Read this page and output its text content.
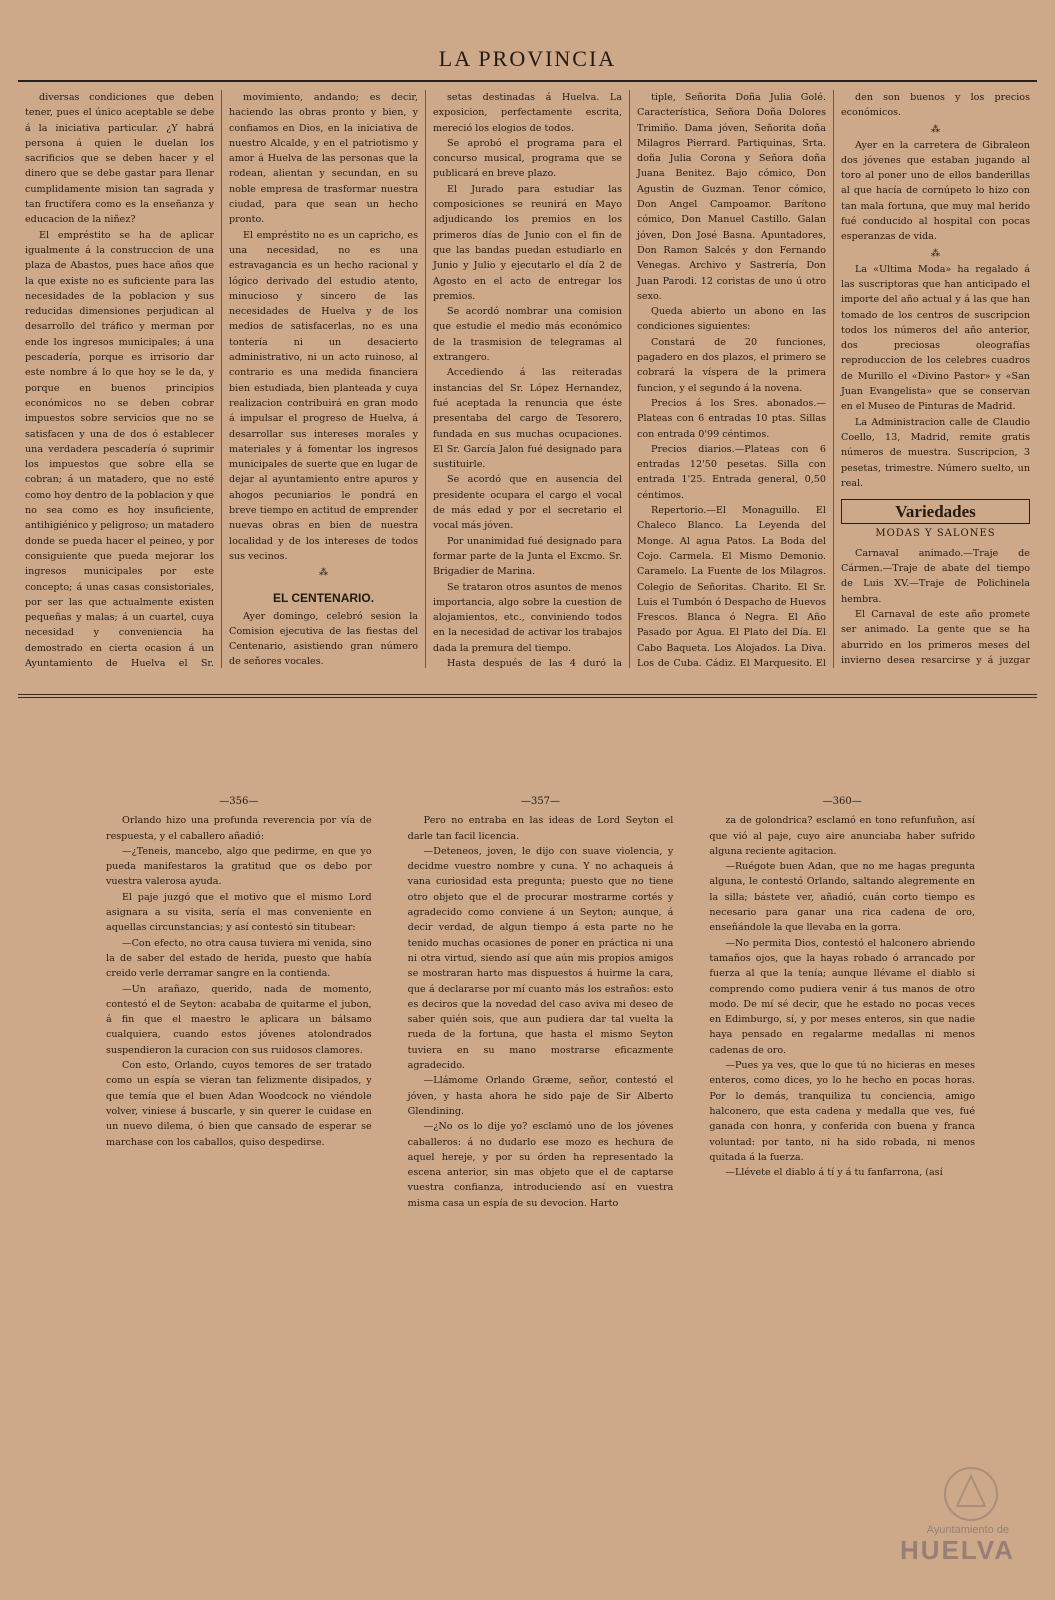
LA PROVINCIA

diversas condiciones que deben tener, pues el único aceptable se debe á la iniciativa particular. ¿Y habrá persona á quien le duelan los sacrificios que se deben hacer y el dinero que se debe gastar para llenar cumplidamente mision tan sagrada y tan fructífera como es la enseñanza y educacion de la niñez?

El empréstito se ha de aplicar igualmente á la construccion de una plaza de Abastos, pues hace años que la que existe no es suficiente para las necesidades de la poblacion y sus reducidas dimensiones perjudican al desarrollo del tráfico y merman por ende los ingresos municipales; á una pescadería, porque es irrisorio dar este nombre á lo que hoy se le da, y porque en buenos principios económicos no se deben cobrar impuestos sobre servicios que no se satisfacen y una de dos ó establecer una verdadera pescadería ó suprimir los impuestos que sobre ella se cobran; á un matadero, que no esté como hoy dentro de la poblacion y que no sea como es hoy insuficiente, antihigiénico y peligroso; un matadero donde se pueda hacer el peineo, y por consiguiente que pueda mejorar los ingresos municipales por este concepto; á unas casas consistoriales, por ser las que actualmente existen pequeñas y malas; á un cuartel, cuya necesidad y conveniencia ha demostrado en cierta ocasion á un Ayuntamiento de Huelva el Sr.

movimiento, andando; es decir, haciendo las obras pronto y bien, y confiamos en Dios, en la iniciativa de nuestro Alcalde, y en el patriotismo y amor á Huelva de las personas que la rodean, alientan y secundan, en su noble empresa de trasformar nuestra ciudad, para que sean un hecho pronto.

El empréstito no es un capricho, es una necesidad, no es una estravagancia es un hecho racional y lógico derivado del estudio atento, minucioso y sincero de las necesidades de Huelva y de los medios de satisfacerlas, no es una tontería ni un desacierto administrativo, ni un acto ruinoso, al contrario es una medida financiera bien estudiada, bien planteada y cuya realizacion contribuirá en gran modo á impulsar el progreso de Huelva, á desarrollar sus intereses morales y materiales y á fomentar los ingresos municipales de suerte que en lugar de dejar al ayuntamiento entre apuros y ahogos pecuniarios le pondrá en breve tiempo en actitud de emprender nuevas obras en bien de nuestra localidad y de los intereses de todos sus vecinos.

⁂
EL CENTENARIO.

Ayer domingo, celebró sesion la Comision ejecutiva de las fiestas del Centenario, asistiendo gran número de señores vocales.

setas destinadas á Huelva. La exposicion, perfectamente escrita, mereció los elogios de todos.

Se aprobó el programa para el concurso musical, programa que se publicará en breve plazo.

El Jurado para estudiar las composiciones se reunirá en Mayo adjudicando los premios en los primeros días de Junio con el fin de que las bandas puedan estudiarlo en Junio y Julio y ejecutarlo el día 2 de Agosto en el acto de entregar los premios.

Se acordó nombrar una comision que estudie el medio más económico de la trasmision de telegramas al extrangero.

Accediendo á las reiteradas instancias del Sr. López Hernandez, fué aceptada la renuncia que éste presentaba del cargo de Tesorero, fundada en sus muchas ocupaciones. El Sr. García Jalon fué designado para sustituirle.

Se acordó que en ausencia del presidente ocupara el cargo el vocal de más edad y por el secretario el vocal más jóven.

Por unanimidad fué designado para formar parte de la Junta el Excmo. Sr. Brigadier de Marina.

Se trataron otros asuntos de menos importancia, algo sobre la cuestion de alojamientos, etc., conviniendo todos en la necesidad de activar los trabajos dada la premura del tiempo.

Hasta después de las 4 duró la

tiple, Señorita Doña Julia Golé. Característica, Señora Doña Dolores Trimiño. Dama jóven, Señorita doña Milagros Pierrard. Partiquinas, Srta. doña Julia Corona y Señora doña Juana Benitez. Bajo cómico, Don Agustin de Guzman. Tenor cómico, Don Angel Campoamor. Barítono cómico, Don Manuel Castillo. Galan jóven, Don José Basna. Apuntadores, Don Ramon Salcés y don Fernando Venegas. Archivo y Sastrería, Don Juan Parodi. 12 coristas de uno ú otro sexo.

Queda abierto un abono en las condiciones siguientes:

Constará de 20 funciones, pagadero en dos plazos, el primero se cobrará la víspera de la primera funcion, y el segundo á la novena.

Precios á los Sres. abonados.—Plateas con 6 entradas 10 ptas. Sillas con entrada 0'99 céntimos.

Precios diarios.—Plateas con 6 entradas 12'50 pesetas. Silla con entrada 1'25. Entrada general, 0,50 céntimos.

Repertorio.—El Monaguillo. El Chaleco Blanco. La Leyenda del Monge. Al agua Patos. La Boda del Cojo. Carmela. El Mismo Demonio. Caramelo. La Fuente de los Milagros. Colegio de Señoritas. Charito. El Sr. Luis el Tumbón ó Despacho de Huevos Frescos. Blanca ó Negra. El Año Pasado por Agua. El Plato del Día. El Cabo Baqueta. Los Alojados. La Diva. Los de Cuba. Cádiz. El Marquesito. El

den son buenos y los precios económicos.

⁂

Ayer en la carretera de Gibraleon dos jóvenes que estaban jugando al toro al poner uno de ellos banderillas al que hacía de cornúpeto lo hizo con tan mala fortuna, que muy mal herido fué conducido al hospital con pocas esperanzas de vida.

⁂

La «Ultima Moda» ha regalado á las suscriptoras que han anticipado el importe del año actual y á las que han tomado de los centros de suscripcion todos los números del año anterior, dos preciosas oleografías reproduccion de los celebres cuadros de Murillo el «Divino Pastor» y «San Juan Evangelista» que se conservan en el Museo de Pinturas de Madrid.

La Administracion calle de Claudio Coello, 13, Madrid, remite gratis números de muestra. Suscripcion, 3 pesetas, trimestre. Número suelto, un real.

Variedades
MODAS Y SALONES

Carnaval animado.—Traje de Cármen.—Traje de abate del tiempo de Luis XV.—Traje de Polichinela hembra.

El Carnaval de este año promete ser animado. La gente que se ha aburrido en los primeros meses del invierno desea resarcirse y á juzgar

—356—

Orlando hizo una profunda reverencia por vía de respuesta, y el caballero añadió:

—¿Teneis, mancebo, algo que pedirme, en que yo pueda manifestaros la gratitud que os debo por vuestra valerosa ayuda.

El paje juzgó que el motivo que el mismo Lord asignara a su visita, sería el mas conveniente en aquellas circunstancias; y así contestó sin titubear:

—Con efecto, no otra causa tuviera mi venida, sino la de saber del estado de herida, puesto que había creido verle derramar sangre en la contienda.

—Un arañazo, querido, nada de momento, contestó el de Seyton: acababa de quitarme el jubon, á fin que el maestro le aplicara un bálsamo cualquiera, cuando estos jóvenes atolondrados suspendieron la curacion con sus ruidosos clamores.

Con esto, Orlando, cuyos temores de ser tratado como un espía se vieran tan felizmente disipados, y que temía que el buen Adan Woodcock no viéndole volver, viniese á buscarle, y sin querer le cuidase en un nuevo dilema, ó bien que cansado de esperar se marchase con los caballos, quiso despedirse.

—357—

Pero no entraba en las ideas de Lord Seyton el darle tan facil licencia.

—Deteneos, joven, le dijo con suave violencia, y decidme vuestro nombre y cuna. Y no achaqueis á vana curiosidad esta pregunta; puesto que no tiene otro objeto que el de procurar mostrarme cortés y agradecido como conviene á un Seyton; aunque, á decir verdad, de algun tiempo á esta parte no he tenido muchas ocasiones de poner en práctica ni una ni otra virtud, siendo así que aún mis propios amigos se mostraran harto mas dispuestos á huirme la cara, que á declararse por mí cuanto más los estraños: esto es deciros que la novedad del caso aviva mi deseo de saber quién sois, que aun pudiera dar tal vuelta la rueda de la fortuna, que hasta el mismo Seyton tuviera en su mano mostrarse eficazmente agradecido.

—Llámome Orlando Græme, señor, contestó el jóven, y hasta ahora he sido paje de Sir Alberto Glendining.

—¿No os lo dije yo? esclamó uno de los jóvenes caballeros: á no dudarlo ese mozo es hechura de aquel hereje, y por su órden ha representado la escena anterior, sin mas objeto que el de captarse vuestra confianza, introduciendo así en vuestra misma casa un espía de su devocion. Harto

—360—

za de golondrica? esclamó en tono refunfuñon, así que vió al paje, cuyo aire anunciaba haber sufrido alguna reciente agitacion.

—Ruégote buen Adan, que no me hagas pregunta alguna, le contestó Orlando, saltando alegremente en la silla; bástete ver, añadió, cuán corto tiempo es necesario para ganar una rica cadena de oro, enseñándole la que llevaba en la gorra.

—No permita Dios, contestó el halconero abriendo tamaños ojos, que la hayas robado ó arrancado por fuerza al que la tenía; aunque llévame el diablo si comprendo como pudiera venir á tus manos de otro modo. De mí sé decir, que he estado no pocas veces en Edimburgo, sí, y por meses enteros, sin que nadie haya pensado en regalarme medallas ni menos cadenas de oro.

—Pues ya ves, que lo que tú no hicieras en meses enteros, como dices, yo lo he hecho en pocas horas. Por lo demás, tranquiliza tu conciencia, amigo halconero, que esta cadena y medalla que ves, fué ganada con honra, y conferida con buena y franca voluntad: por tanto, ni ha sido robada, ni menos quitada á la fuerza.

—Llévete el diablo á tí y á tu fanfarrona, (así

Ayuntamiento de
HUELVA
